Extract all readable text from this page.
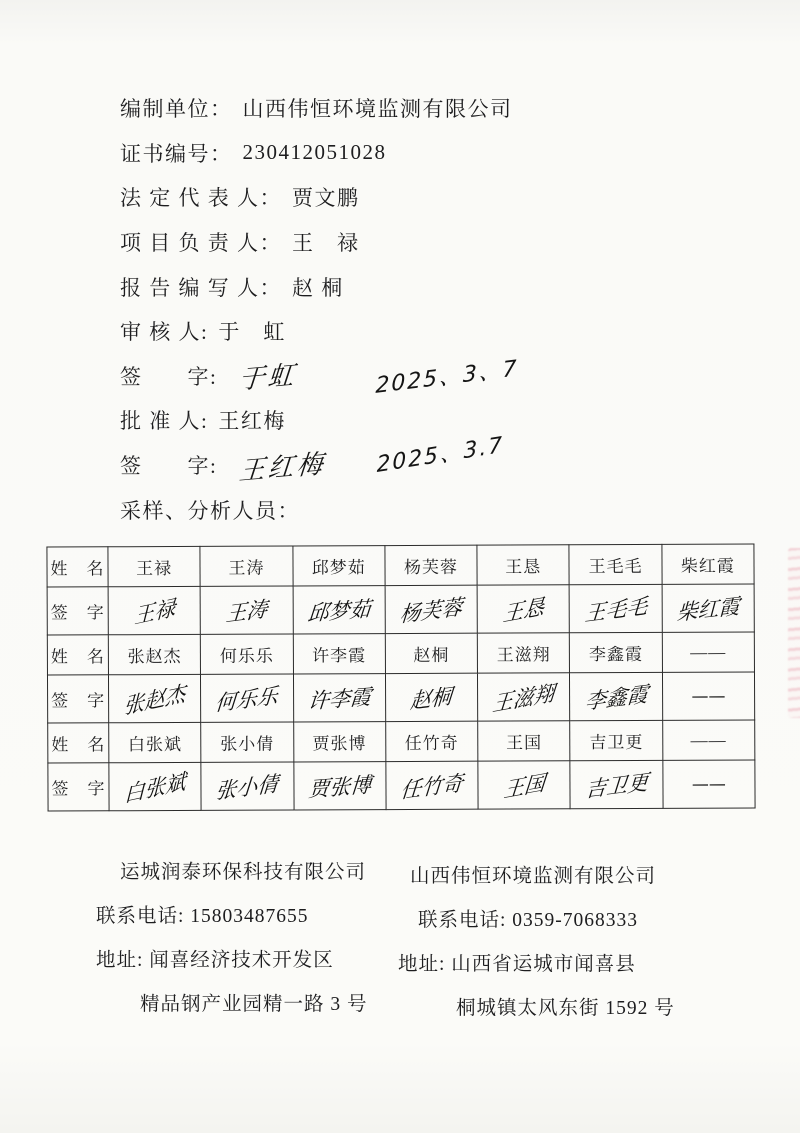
编制单位： 山西伟恒环境监测有限公司
证书编号： 230412051028
法 定 代 表 人： 贾文鹏
项 目 负 责 人： 王　禄
报 告 编 写 人： 赵 桐
审 核 人: 于　虹
签　　字: 于虹	2025、3、7
批 准 人: 王红梅
签　　字: 王红梅 2025、3.7
采样、分析人员：
姓　名	王禄	王涛	邱梦茹	杨芙蓉	王恳	王毛毛	柴红霞
签　字	王禄	王涛	邱梦茹	杨芙蓉	王恳	王毛毛	柴红霞
姓　名	张赵杰	何乐乐	许李霞	赵桐	王滋翔	李鑫霞	——
签　字	张赵杰	何乐乐	许李霞	赵桐	王滋翔	李鑫霞	——
姓　名	白张斌	张小倩	贾张博	任竹奇	王国	吉卫更	——
签　字	白张斌	张小倩	贾张博	任竹奇	王国	吉卫更	——
运城润泰环保科技有限公司
联系电话: 15803487655
地址: 闻喜经济技术开发区
精品钢产业园精一路 3 号
山西伟恒环境监测有限公司
联系电话: 0359-7068333
地址: 山西省运城市闻喜县
桐城镇太风东街 1592 号
